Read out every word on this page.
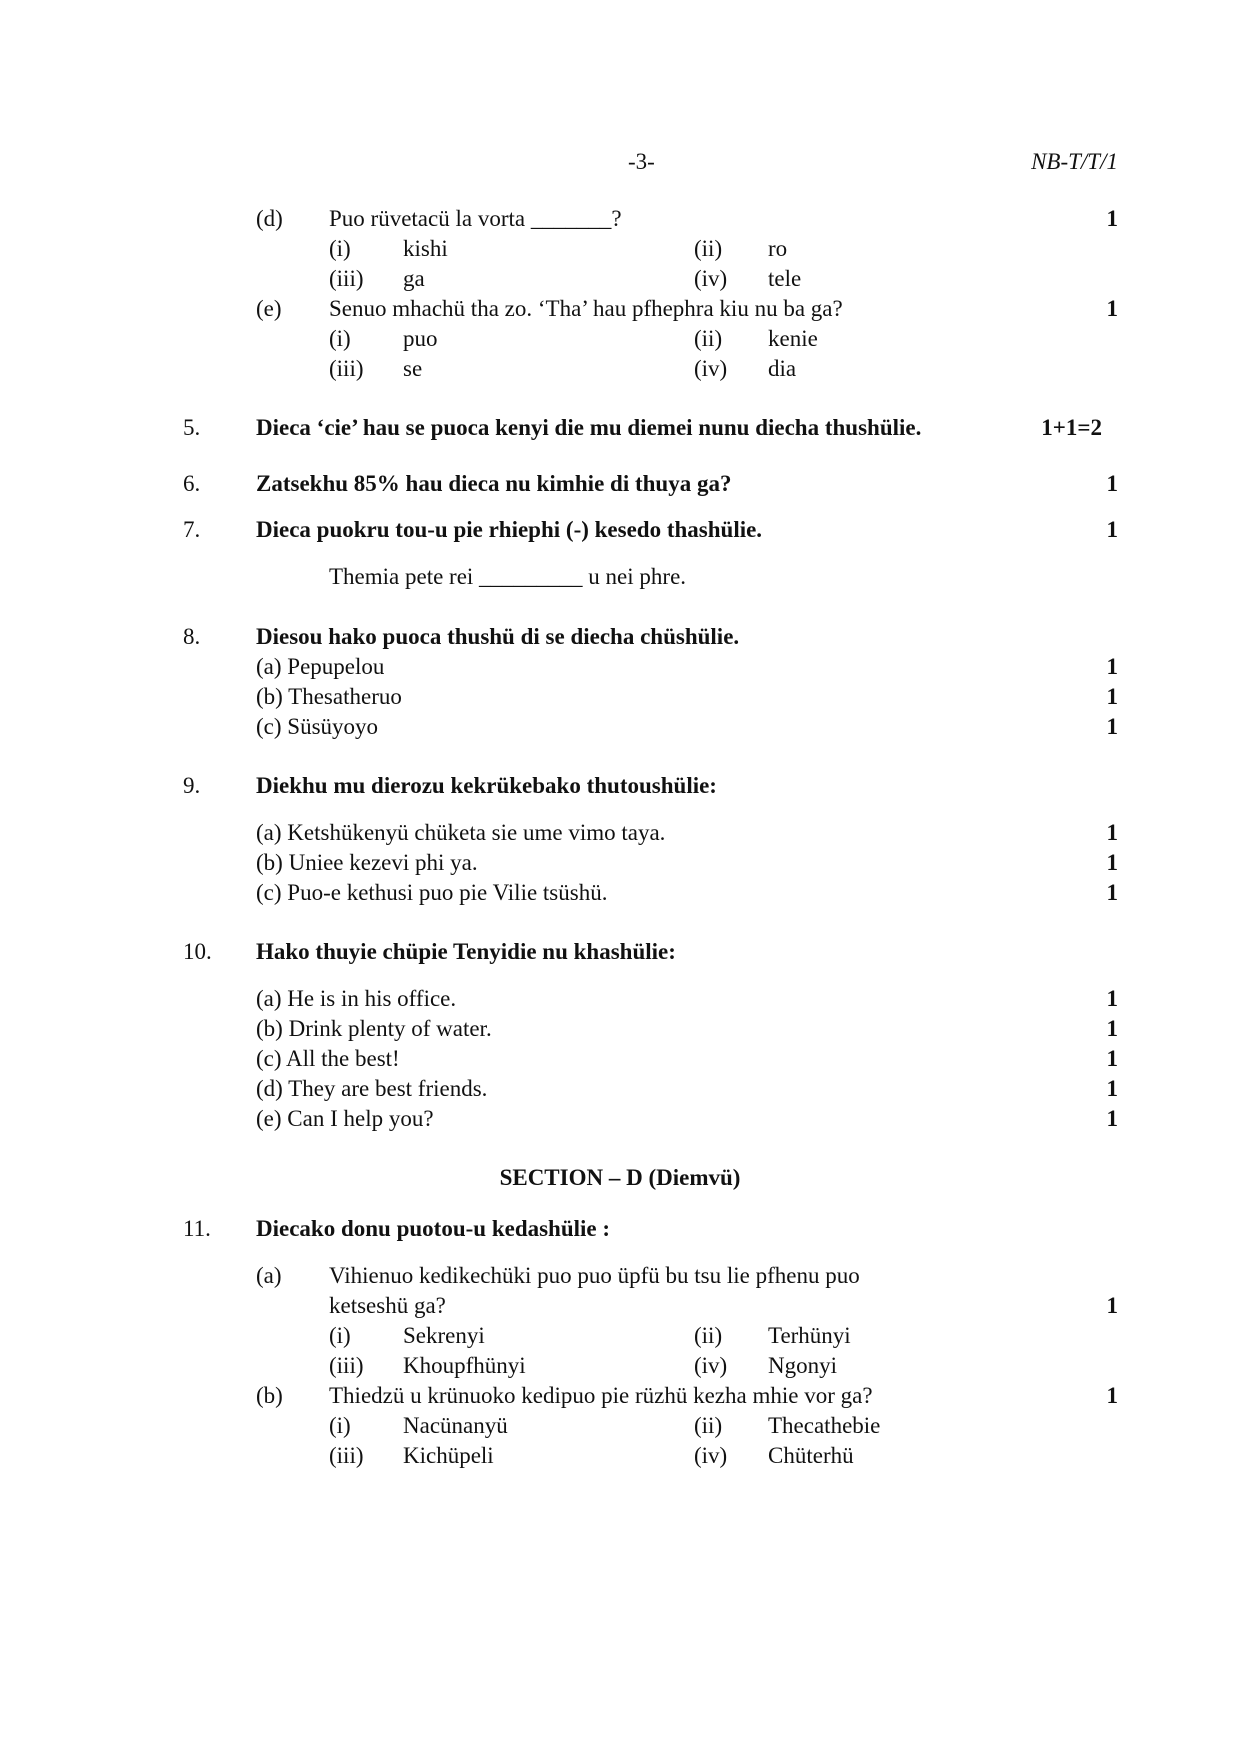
-3-	NB-T/T/1
(d) Puo rüvetacü la vorta _______?	1
(i) kishi	(ii) ro
(iii) ga	(iv) tele
(e) Senuo mhachü tha zo. ‘Tha’ hau pfhephra kiu nu ba ga?	1
(i) puo	(ii) kenie
(iii) se	(iv) dia
5. Dieca ‘cie’ hau se puoca kenyi die mu diemei nunu diecha thushülie.	1+1=2
6. Zatsekhu 85% hau dieca nu kimhie di thuya ga?	1
7. Dieca puokru tou-u pie rhiephi (-) kesedo thashülie.	1
Themia pete rei _________ u nei phre.
8. Diesou hako puoca thushü di se diecha chüshülie.
(a) Pepupelou	1
(b) Thesatheruo	1
(c) Süsüyoyo	1
9. Diekhu mu dierozu kekrükebako thutoushülie:
(a) Ketshükenyü chüketa sie ume vimo taya.	1
(b) Uniee kezevi phi ya.	1
(c) Puo-e kethusi puo pie Vilie tsüshü.	1
10. Hako thuyie chüpie Tenyidie nu khashülie:
(a) He is in his office.	1
(b) Drink plenty of water.	1
(c) All the best!	1
(d) They are best friends.	1
(e) Can I help you?	1
SECTION – D (Diemvü)
11. Diecako donu puotou-u kedashülie :
(a) Vihienuo kedikechüki puo puo üpfü bu tsu lie pfhenu puo
ketseshü ga?	1
(i) Sekrenyi	(ii) Terhünyi
(iii) Khoupfhünyi	(iv) Ngonyi
(b) Thiedzü u krünuoko kedipuo pie rüzhü kezha mhie vor ga?	1
(i) Nacünanyü	(ii) Thecathebie
(iii) Kichüpeli	(iv) Chüterhü
